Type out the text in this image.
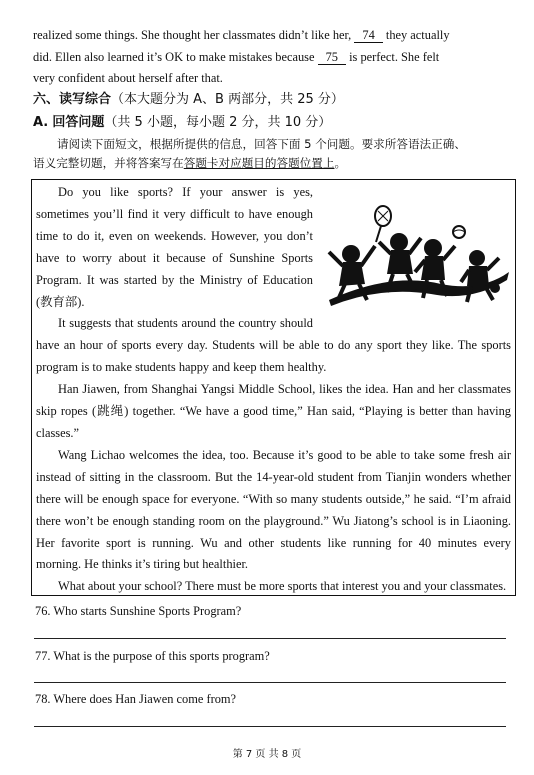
realized some things. She thought her classmates didn’t like her, 74 they actually

did. Ellen also learned it’s OK to make mistakes because 75 is perfect. She felt

very confident about herself after that.

六、读写综合（本大题分为 A、B 两部分，共 25 分）
A. 回答问题（共 5 小题，每小题 2 分，共 10 分）
请阅读下面短文，根据所提供的信息，回答下面 5 个问题。要求所答语法正确、
语义完整切题，并将答案写在答题卡对应题目的答题位置上。

Do you like sports? If your answer is yes, sometimes you’ll find it very difficult to have enough time to do it, even on weekends. However, you don’t have to worry about it because of Sunshine Sports Program. It was started by the Ministry of Education (教育部).

It suggests that students around the country should have an hour of sports every day. Students will be able to do any sport they like. The sports program is to make students happy and keep them healthy.

Han Jiawen, from Shanghai Yangsi Middle School, likes the idea. Han and her classmates skip ropes (跳绳) together. “We have a good time,” Han said, “Playing is better than having classes.”

Wang Lichao welcomes the idea, too. Because it’s good to be able to take some fresh air instead of sitting in the classroom. But the 14-year-old student from Tianjin wonders whether there will be enough space for everyone. “With so many students outside,” he said. “I’m afraid there won’t be enough standing room on the playground.” Wu Jiatong’s school is in Liaoning. Her favorite sport is running. Wu and other students like running for 40 minutes every morning. He thinks it’s tiring but healthier.

What about your school? There must be more sports that interest you and your classmates.

76. Who starts Sunshine Sports Program?
77. What is the purpose of this sports program?
78. Where does Han Jiawen come from?
第 7 页 共 8 页
